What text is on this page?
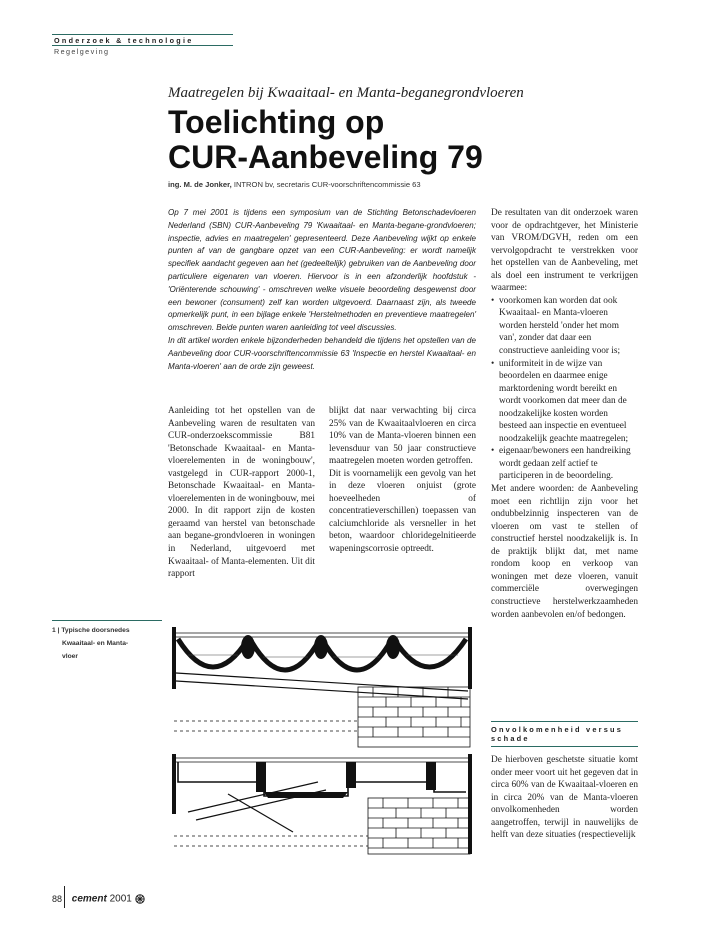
Onderzoek & technologie
Regelgeving
Maatregelen bij Kwaaitaal- en Manta-beganegrondvloeren
Toelichting op
CUR-Aanbeveling 79
ing. M. de Jonker, INTRON bv, secretaris CUR-voorschriftencommissie 63

Op 7 mei 2001 is tijdens een symposium van de Stichting Betonschadevloeren Nederland (SBN) CUR-Aanbeveling 79 'Kwaaitaal- en Manta-begane-grondvloeren; inspectie, advies en maatregelen' gepresenteerd. Deze Aanbeveling wijkt op enkele punten af van de gangbare opzet van een CUR-Aanbeveling: er wordt namelijk specifiek aandacht gegeven aan het (gedeeltelijk) gebruiken van de Aanbeveling door particuliere eigenaren van vloeren. Hiervoor is in een afzonderlijk hoofdstuk - 'Oriënterende schouwing' - omschreven welke visuele beoordeling desgewenst door een bewoner (consument) zelf kan worden uitgevoerd. Daarnaast zijn, als tweede opmerkelijk punt, in een bijlage enkele 'Herstelmethoden en preventieve maatregelen' omschreven. Beide punten waren aanleiding tot veel discussies.

In dit artikel worden enkele bijzonderheden behandeld die tijdens het opstellen van de Aanbeveling door CUR-voorschriftencommissie 63 'Inspectie en herstel Kwaaitaal- en Manta-vloeren' aan de orde zijn geweest.

Aanleiding tot het opstellen van de Aanbeveling waren de resultaten van CUR-onderzoekscommissie B81 'Betonschade Kwaaitaal- en Manta-vloerelementen in de woningbouw', vastgelegd in CUR-rapport 2000-1, Betonschade Kwaaitaal- en Manta-vloerelementen in de woningbouw, mei 2000. In dit rapport zijn de kosten geraamd van herstel van betonschade aan begane-grondvloeren in woningen in Nederland, uitgevoerd met Kwaaitaal- of Manta-elementen. Uit dit rapport

blijkt dat naar verwachting bij circa 25% van de Kwaaitaalvloeren en circa 10% van de Manta-vloeren binnen een levensduur van 50 jaar constructieve maatregelen moeten worden getroffen.

Dit is voornamelijk een gevolg van het in deze vloeren onjuist (grote hoeveelheden of concentratieverschillen) toepassen van calciumchloride als versneller in het beton, waardoor chloridegelnitieerde wapeningscorrosie optreedt.

De resultaten van dit onderzoek waren voor de opdrachtgever, het Ministerie van VROM/DGVH, reden om een vervolgopdracht te verstrekken voor het opstellen van de Aanbeveling, met als doel een instrument te verkrijgen waarmee:

• voorkomen kan worden dat ook Kwaaitaal- en Manta-vloeren worden hersteld 'onder het mom van', zonder dat daar een constructieve aanleiding voor is;
• uniformiteit in de wijze van beoordelen en daarmee enige marktordening wordt bereikt en wordt voorkomen dat meer dan de noodzakelijke kosten worden besteed aan inspectie en eventueel noodzakelijk geachte maatregelen;
• eigenaar/bewoners een handreiking wordt gedaan zelf actief te participeren in de beoordeling.

Met andere woorden: de Aanbeveling moet een richtlijn zijn voor het ondubbelzinnig inspecteren van de vloeren om vast te stellen of constructief herstel noodzakelijk is. In de praktijk blijkt dat, met name rondom koop en verkoop van woningen met deze vloeren, vanuit commerciële overwegingen constructieve herstelwerkzaamheden worden aanbevolen en/of bedongen.

Onvolkomenheid versus schade

De hierboven geschetste situatie komt onder meer voort uit het gegeven dat in circa 60% van de Kwaaitaal-vloeren en in circa 20% van de Manta-vloeren onvolkomenheden worden aangetroffen, terwijl in nauwelijks de helft van deze situaties (respectievelijk

1 | Typische doorsnedes
Kwaaitaal- en Manta-
vloer
88 cement 2001
